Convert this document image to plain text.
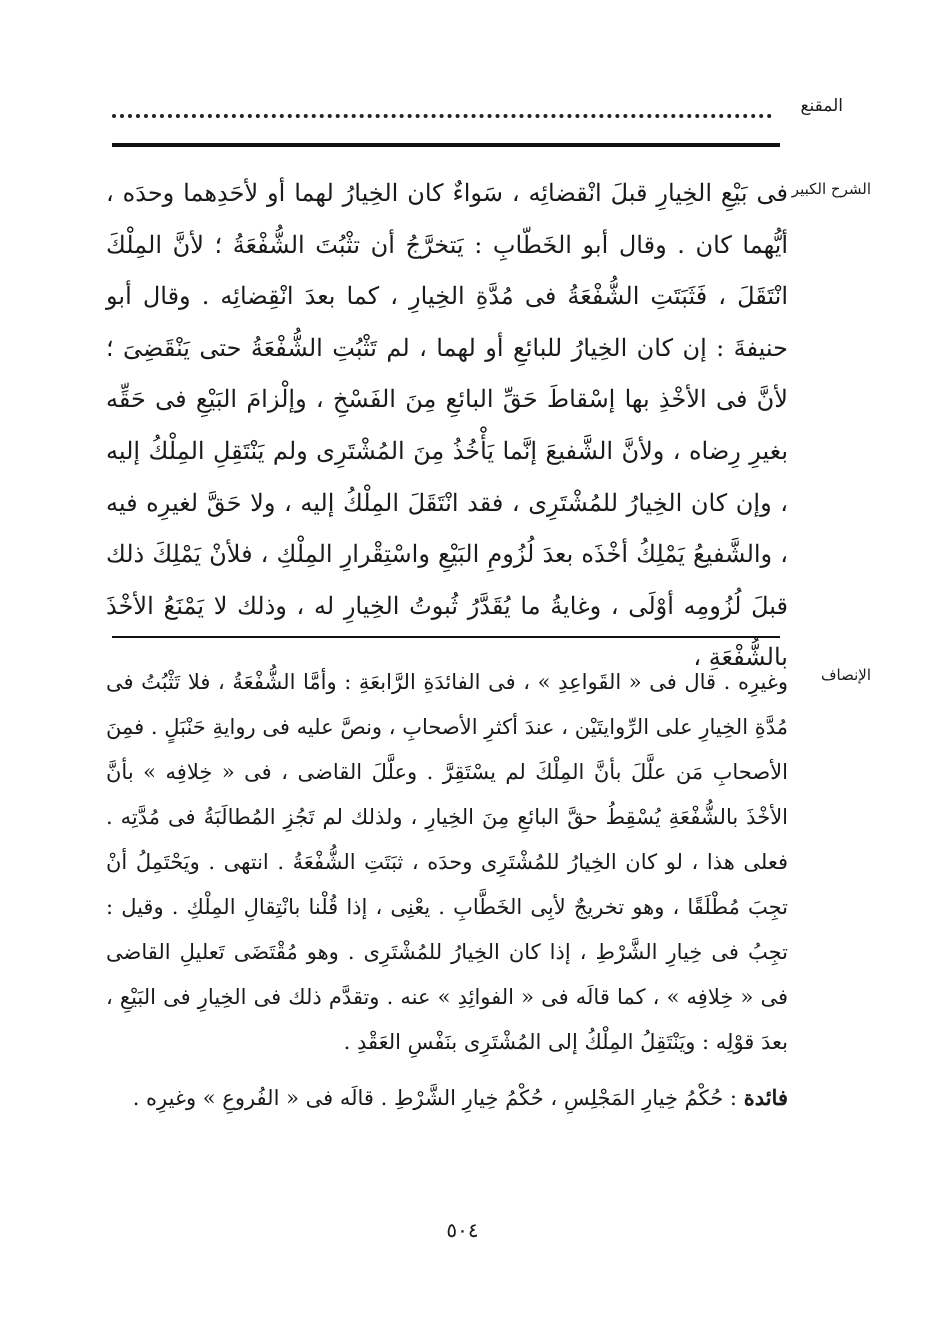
المقنع
الشرح الكبير
فى بَيْعِ الخِيارِ قبلَ انْقضائِه ، سَواءٌ كان الخِيارُ لهما أو لأحَدِهما وحدَه ، أيُّهما كان . وقال أبو الخَطّابِ : يَتخرَّجُ أن تثْبُتَ الشُّفْعَةُ ؛ لأنَّ المِلْكَ انْتَقَلَ ، فَثَبَتَتِ الشُّفْعَةُ فى مُدَّةِ الخِيارِ ، كما بعدَ انْقِضائِه . وقال أبو حنيفةَ : إن كان الخِيارُ للبائعِ أو لهما ، لم تَثْبُتِ الشُّفْعَةُ حتى يَنْقَضِىَ ؛ لأنَّ فى الأخْذِ بها إسْقاطَ حَقِّ البائعِ مِنَ الفَسْخِ ، وإلْزامَ البَيْعِ فى حَقِّه بغيرِ رِضاه ، ولأنَّ الشَّفيعَ إنَّما يَأْخُذُ مِنَ المُشْتَرِى ولم يَنْتَقِلِ المِلْكُ إليه ، وإن كان الخِيارُ للمُشْتَرِى ، فقد انْتَقَلَ المِلْكُ إليه ، ولا حَقَّ لغيرِه فيه ، والشَّفيعُ يَمْلِكُ أخْذَه بعدَ لُزُومِ البَيْعِ واسْتِقْرارِ المِلْكِ ، فلأنْ يَمْلِكَ ذلك قبلَ لُزُومِه أوْلَى ، وغايةُ ما يُقَدَّرُ ثُبوتُ الخِيارِ له ، وذلك لا يَمْنَعُ الأخْذَ بالشُّفْعَةِ ،
الإنصاف
وغيرِه . قال فى « القَواعِدِ » ، فى الفائدَةِ الرَّابعَةِ : وأمَّا الشُّفْعَةُ ، فلا تَثْبُتُ فى مُدَّةِ الخِيارِ على الرِّوايتَيْن ، عندَ أكثرِ الأصحابِ ، ونصَّ عليه فى روايةِ حَنْبَلٍ . فمِنَ الأصحابِ مَن علَّلَ بأنَّ المِلْكَ لم يسْتَقِرَّ . وعلَّلَ القاضى ، فى « خِلافِه » بأنَّ الأخْذَ بالشُّفْعَةِ يُسْقِطُ حقَّ البائعِ مِنَ الخِيارِ ، ولذلك لم تَجُزِ المُطالَبَةُ فى مُدَّتِه . فعلى هذا ، لو كان الخِيارُ للمُشْتَرِى وحدَه ، ثبَتَتِ الشُّفْعَةُ . انتهى . ويَحْتَمِلُ أنْ تجِبَ مُطْلَقًا ، وهو تخريجٌ لأبِى الخَطَّابِ . يعْنِى ، إذا قُلْنا بانْتِقالِ المِلْكِ . وقيل : تجِبُ فى خِيارِ الشَّرْطِ ، إذا كان الخِيارُ للمُشْتَرِى . وهو مُقْتَضَى تَعليلِ القاضى فى « خِلافِه » ، كما قالَه فى « الفوائِدِ » عنه . وتقدَّم ذلك فى الخِيارِ فى البَيْعِ ، بعدَ قوْلِه : ويَنْتَقِلُ المِلْكُ إلى المُشْتَرِى بنَفْسِ العَقْدِ .
فائدة : حُكْمُ خِيارِ المَجْلِسِ ، حُكْمُ خِيارِ الشَّرْطِ . قالَه فى « الفُروعِ » وغيرِه .
٥٠٤
